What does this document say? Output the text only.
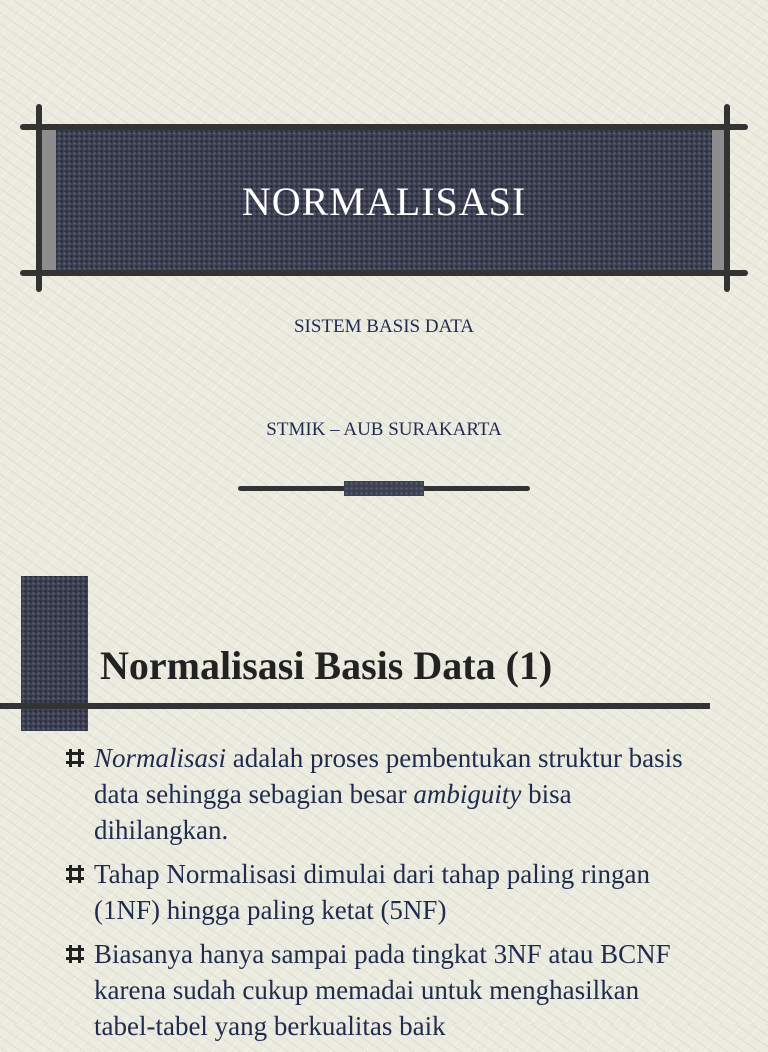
NORMALISASI
SISTEM BASIS DATA
STMIK – AUB SURAKARTA
Normalisasi Basis Data (1)
Normalisasi adalah proses pembentukan struktur basis data sehingga sebagian besar ambiguity bisa dihilangkan.
Tahap Normalisasi dimulai dari tahap paling ringan (1NF) hingga paling ketat (5NF)
Biasanya hanya sampai pada tingkat 3NF atau BCNF karena sudah cukup memadai untuk menghasilkan tabel-tabel yang berkualitas baik
